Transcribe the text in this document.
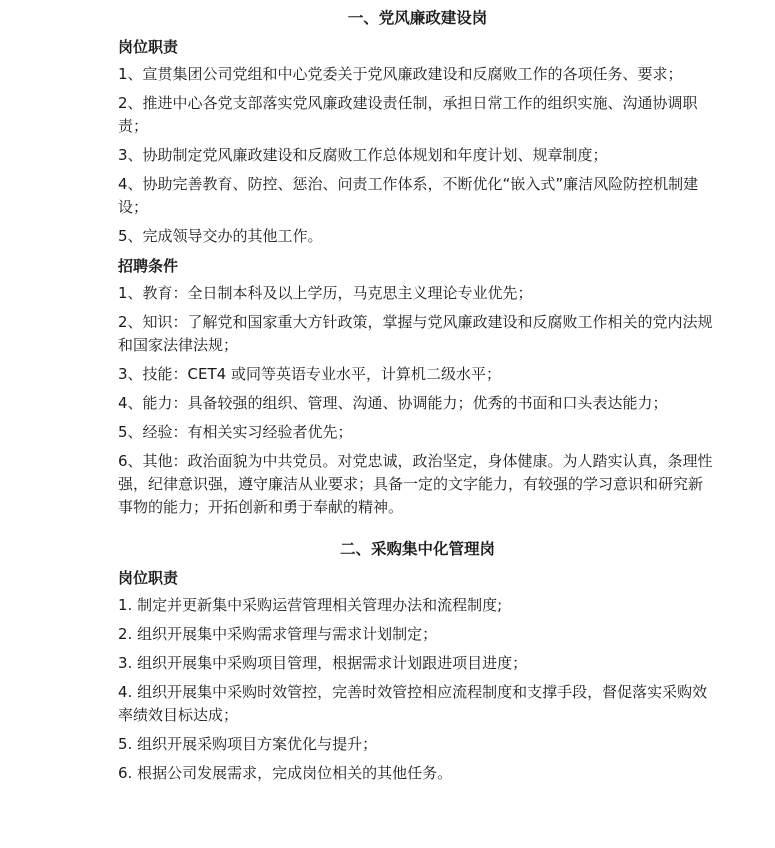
一、党风廉政建设岗
岗位职责
1、宣贯集团公司党组和中心党委关于党风廉政建设和反腐败工作的各项任务、要求；
2、推进中心各党支部落实党风廉政建设责任制，承担日常工作的组织实施、沟通协调职责；
3、协助制定党风廉政建设和反腐败工作总体规划和年度计划、规章制度；
4、协助完善教育、防控、惩治、问责工作体系，不断优化“嵌入式”廉洁风险防控机制建设；
5、完成领导交办的其他工作。
招聘条件
1、教育：全日制本科及以上学历，马克思主义理论专业优先；
2、知识：了解党和国家重大方针政策，掌握与党风廉政建设和反腐败工作相关的党内法规和国家法律法规；
3、技能：CET4 或同等英语专业水平，计算机二级水平；
4、能力：具备较强的组织、管理、沟通、协调能力；优秀的书面和口头表达能力；
5、经验：有相关实习经验者优先；
6、其他：政治面貌为中共党员。对党忠诚，政治坚定，身体健康。为人踏实认真，条理性强，纪律意识强，遵守廉洁从业要求；具备一定的文字能力，有较强的学习意识和研究新事物的能力；开拓创新和勇于奉献的精神。
二、采购集中化管理岗
岗位职责
1. 制定并更新集中采购运营管理相关管理办法和流程制度;
2. 组织开展集中采购需求管理与需求计划制定；
3. 组织开展集中采购项目管理，根据需求计划跟进项目进度；
4. 组织开展集中采购时效管控，完善时效管控相应流程制度和支撑手段，督促落实采购效率绩效目标达成；
5. 组织开展采购项目方案优化与提升；
6. 根据公司发展需求，完成岗位相关的其他任务。
